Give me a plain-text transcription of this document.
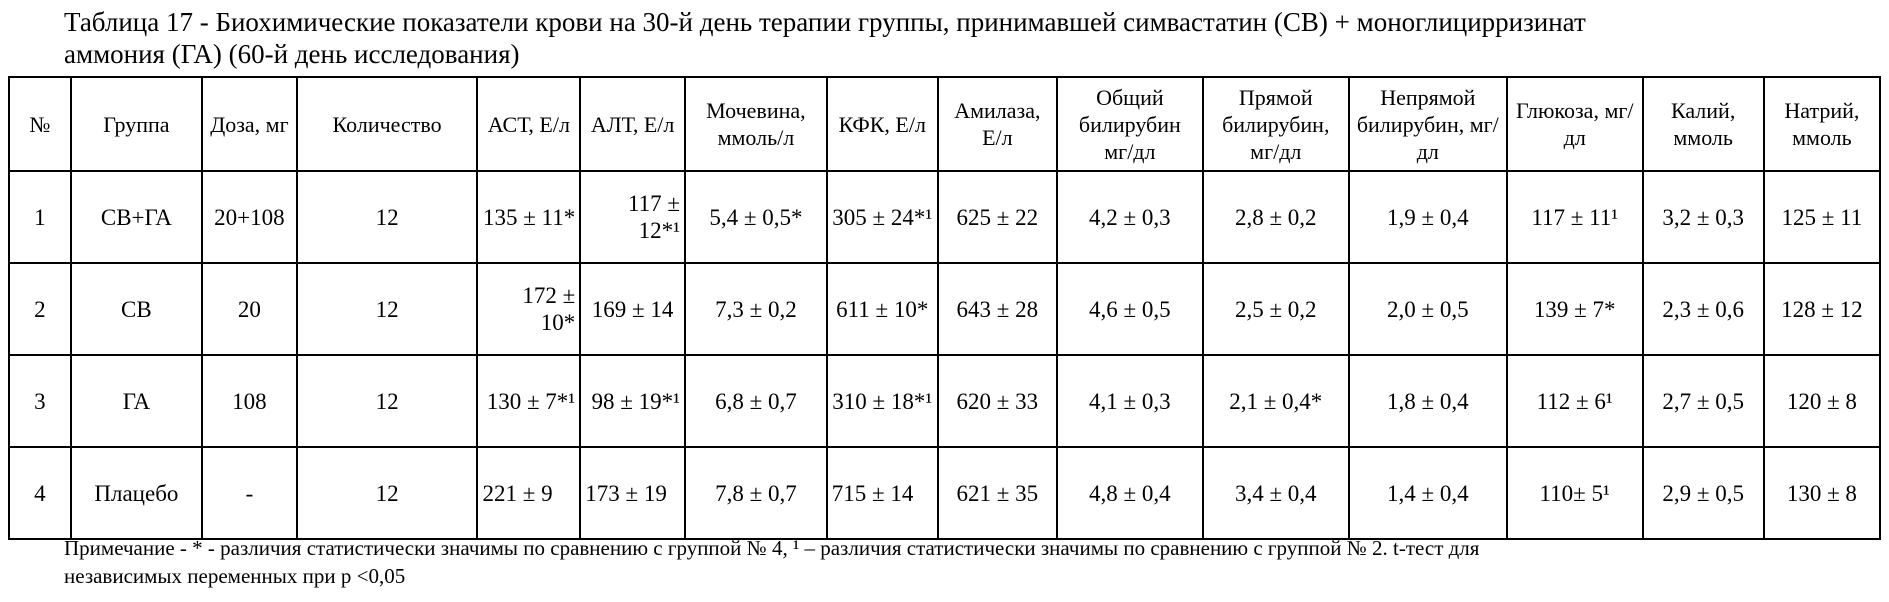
Таблица 17 - Биохимические показатели крови на 30-й день терапии группы, принимавшей симвастатин (СВ) + моноглицирризинат
аммония (ГА) (60-й день исследования)
№	Группа	Доза, мг	Количество	АСТ, Е/л	АЛТ, Е/л	Мочевина, ммоль/л	КФК, Е/л	Амилаза, Е/л	Общий билирубин мг/дл	Прямой билирубин, мг/дл	Непрямой билирубин, мг/дл	Глюкоза, мг/дл	Калий, ммоль	Натрий, ммоль
1	СВ+ГА	20+108	12	135 ± 11*	117 ± 12*¹	5,4 ± 0,5*	305 ± 24*¹	625 ± 22	4,2 ± 0,3	2,8 ± 0,2	1,9 ± 0,4	117 ± 11¹	3,2 ± 0,3	125 ± 11
2	СВ	20	12	172 ± 10*	169 ± 14	7,3 ± 0,2	611 ± 10*	643 ± 28	4,6 ± 0,5	2,5 ± 0,2	2,0 ± 0,5	139 ± 7*	2,3 ± 0,6	128 ± 12
3	ГА	108	12	130 ± 7*¹	98 ± 19*¹	6,8 ± 0,7	310 ± 18*¹	620 ± 33	4,1 ± 0,3	2,1 ± 0,4*	1,8 ± 0,4	112 ± 6¹	2,7 ± 0,5	120 ± 8
4	Плацебо	-	12	221 ± 9	173 ± 19	7,8 ± 0,7	715 ± 14	621 ± 35	4,8 ± 0,4	3,4 ± 0,4	1,4 ± 0,4	110± 5¹	2,9 ± 0,5	130 ± 8
Примечание - * - различия статистически значимы по сравнению с группой № 4, ¹ – различия статистически значимы по сравнению с группой № 2. t-тест для
независимых переменных при р <0,05
